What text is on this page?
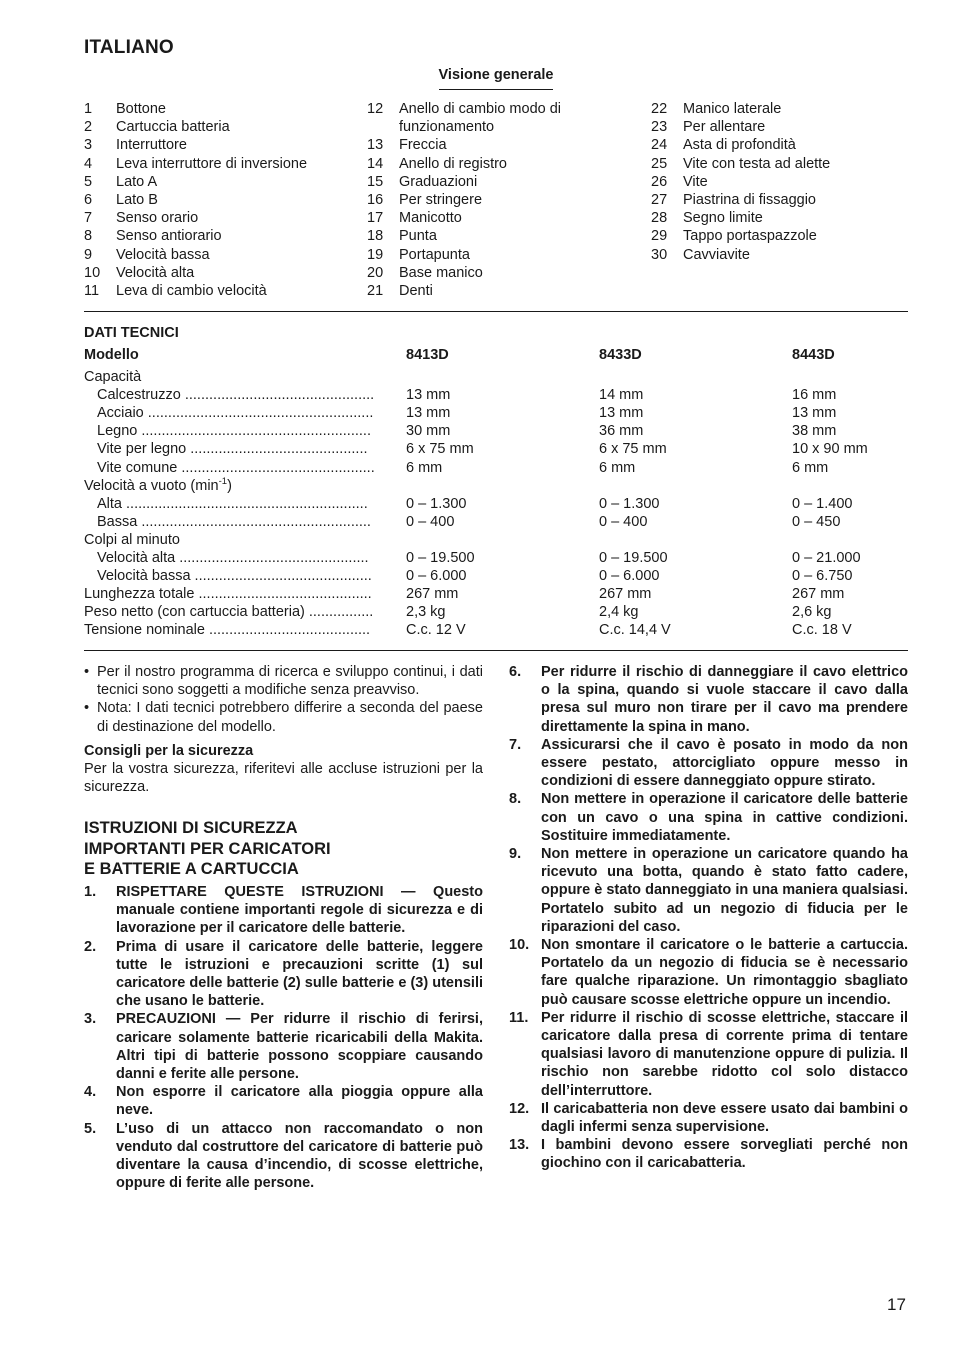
ITALIANO
Visione generale
1	Bottone
2	Cartuccia batteria
3	Interruttore
4	Leva interruttore di inversione
5	Lato A
6	Lato B
7	Senso orario
8	Senso antiorario
9	Velocità bassa
10	Velocità alta
11	Leva di cambio velocità
12	Anello di cambio modo di funzionamento
13	Freccia
14	Anello di registro
15	Graduazioni
16	Per stringere
17	Manicotto
18	Punta
19	Portapunta
20	Base manico
21	Denti
22	Manico laterale
23	Per allentare
24	Asta di profondità
25	Vite con testa ad alette
26	Vite
27	Piastrina di fissaggio
28	Segno limite
29	Tappo portaspazzole
30	Cavviavite
DATI TECNICI
Modello	8413D	8433D	8443D
Capacità
Calcestruzzo ...............................................	13 mm	14 mm	16 mm
Acciaio ........................................................	13 mm	13 mm	13 mm
Legno .........................................................	30 mm	36 mm	38 mm
Vite per legno ............................................	6 x 75 mm	6 x 75 mm	10 x 90 mm
Vite comune ................................................	6 mm	6 mm	6 mm
Velocità a vuoto $(\min^{-1})$
Alta ............................................................	0 – 1.300	0 – 1.300	0 – 1.400
Bassa .........................................................	0 – 400	0 – 400	0 – 450
Colpi al minuto
Velocità alta ...............................................	0 – 19.500	0 – 19.500	0 – 21.000
Velocità bassa ............................................	0 – 6.000	0 – 6.000	0 – 6.750
Lunghezza totale ...........................................	267 mm	267 mm	267 mm
Peso netto (con cartuccia batteria) ................	2,3 kg	2,4 kg	2,6 kg
Tensione nominale ........................................	C.c. 12 V	C.c. 14,4 V	C.c. 18 V
• Per il nostro programma di ricerca e sviluppo continui, i dati tecnici sono soggetti a modifiche senza preavviso.
• Nota: I dati tecnici potrebbero differire a seconda del paese di destinazione del modello.
Consigli per la sicurezza
Per la vostra sicurezza, riferitevi alle accluse istruzioni per la sicurezza.
ISTRUZIONI DI SICUREZZA
IMPORTANTI PER CARICATORI
E BATTERIE A CARTUCCIA
1.	RISPETTARE QUESTE ISTRUZIONI — Questo manuale contiene importanti regole di sicurezza e di lavorazione per il caricatore delle batterie.
2.	Prima di usare il caricatore delle batterie, leggere tutte le istruzioni e precauzioni scritte (1) sul caricatore delle batterie (2) sulle batterie e (3) utensili che usano le batterie.
3.	PRECAUZIONI — Per ridurre il rischio di ferirsi, caricare solamente batterie ricaricabili della Makita. Altri tipi di batterie possono scoppiare causando danni e ferite alle persone.
4.	Non esporre il caricatore alla pioggia oppure alla neve.
5.	L’uso di un attacco non raccomandato o non venduto dal costruttore del caricatore di batterie può diventare la causa d’incendio, di scosse elettriche, oppure di ferite alle persone.
6.	Per ridurre il rischio di danneggiare il cavo elettrico o la spina, quando si vuole staccare il cavo dalla presa sul muro non tirare per il cavo ma prendere direttamente la spina in mano.
7.	Assicurarsi che il cavo è posato in modo da non essere pestato, attorcigliato oppure messo in condizioni di essere danneggiato oppure stirato.
8.	Non mettere in operazione il caricatore delle batterie con un cavo o una spina in cattive condizioni. Sostituire immediatamente.
9.	Non mettere in operazione un caricatore quando ha ricevuto una botta, quando è stato fatto cadere, oppure è stato danneggiato in una maniera qualsiasi. Portatelo subito ad un negozio di fiducia per le riparazioni del caso.
10. Non smontare il caricatore o le batterie a cartuccia. Portatelo da un negozio di fiducia se è necessario fare qualche riparazione. Un rimontaggio sbagliato può causare scosse elettriche oppure un incendio.
11. Per ridurre il rischio di scosse elettriche, staccare il caricatore dalla presa di corrente prima di tentare qualsiasi lavoro di manutenzione oppure di pulizia. Il rischio non sarebbe ridotto col solo distacco dell’interruttore.
12. Il caricabatteria non deve essere usato dai bambini o dagli infermi senza supervisione.
13. I bambini devono essere sorvegliati perché non giochino con il caricabatteria.
17
